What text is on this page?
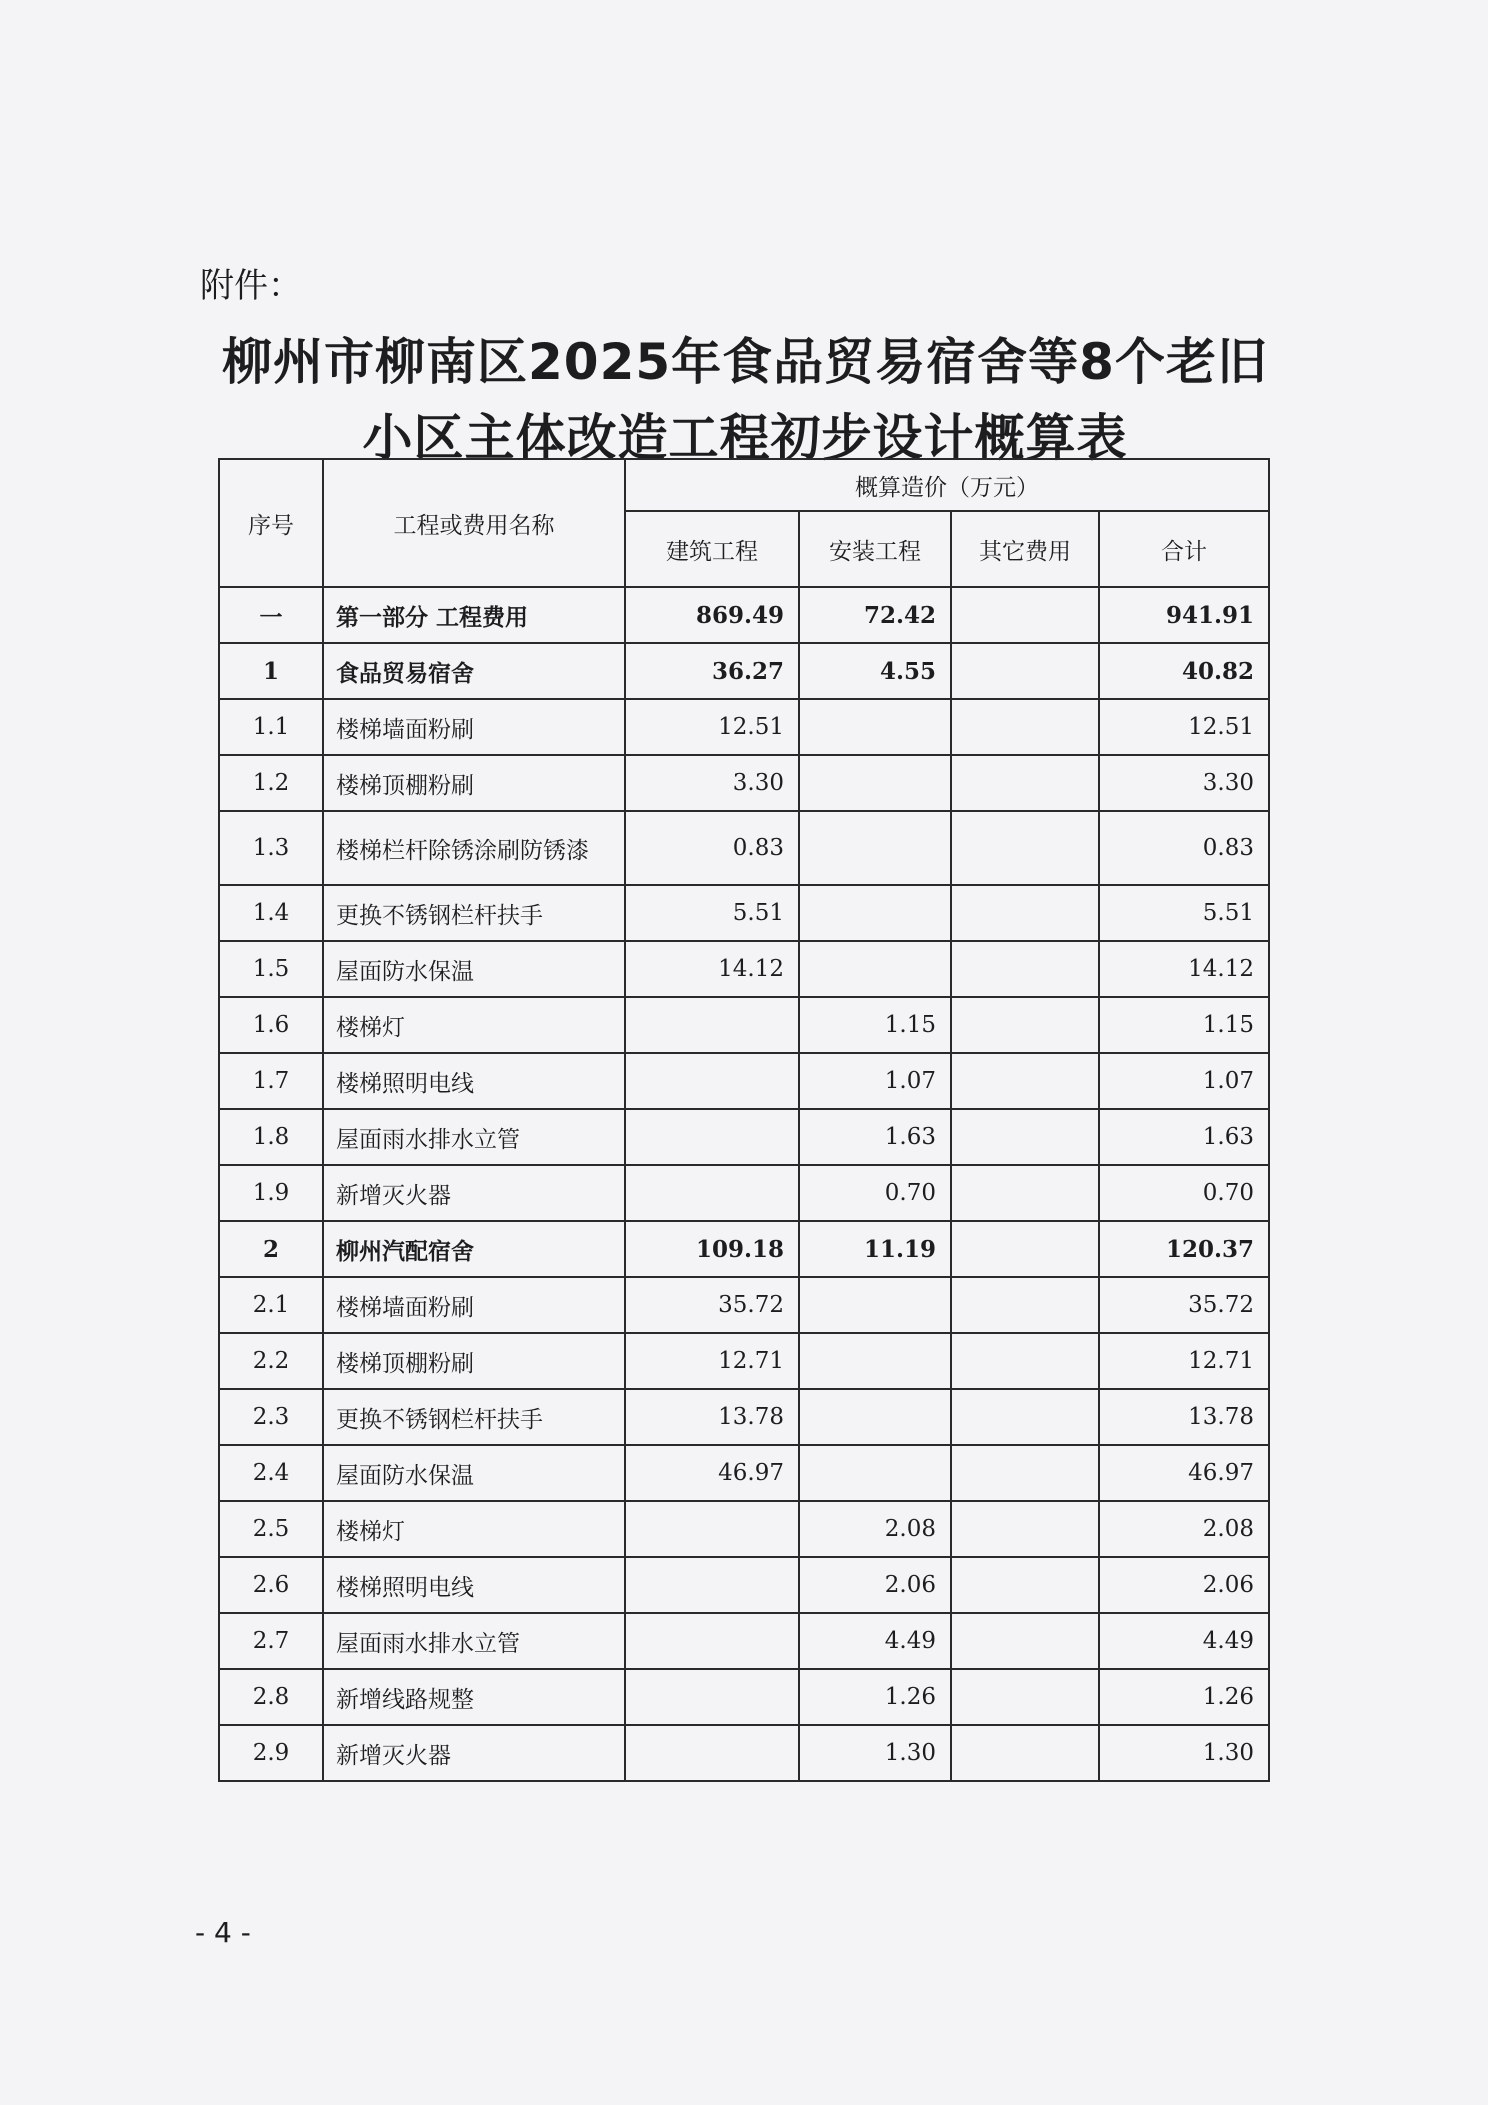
附件：
柳州市柳南区2025年食品贸易宿舍等8个老旧
小区主体改造工程初步设计概算表
序号	工程或费用名称	概算造价（万元）			
		建筑工程	安装工程	其它费用	合计
一	第一部分 工程费用	869.49	72.42		941.91
1	食品贸易宿舍	36.27	4.55		40.82
1.1	楼梯墙面粉刷	12.51			12.51
1.2	楼梯顶棚粉刷	3.30			3.30
1.3	楼梯栏杆除锈涂刷防锈漆	0.83			0.83
1.4	更换不锈钢栏杆扶手	5.51			5.51
1.5	屋面防水保温	14.12			14.12
1.6	楼梯灯		1.15		1.15
1.7	楼梯照明电线		1.07		1.07
1.8	屋面雨水排水立管		1.63		1.63
1.9	新增灭火器		0.70		0.70
2	柳州汽配宿舍	109.18	11.19		120.37
2.1	楼梯墙面粉刷	35.72			35.72
2.2	楼梯顶棚粉刷	12.71			12.71
2.3	更换不锈钢栏杆扶手	13.78			13.78
2.4	屋面防水保温	46.97			46.97
2.5	楼梯灯		2.08		2.08
2.6	楼梯照明电线		2.06		2.06
2.7	屋面雨水排水立管		4.49		4.49
2.8	新增线路规整		1.26		1.26
2.9	新增灭火器		1.30		1.30
- 4 -
